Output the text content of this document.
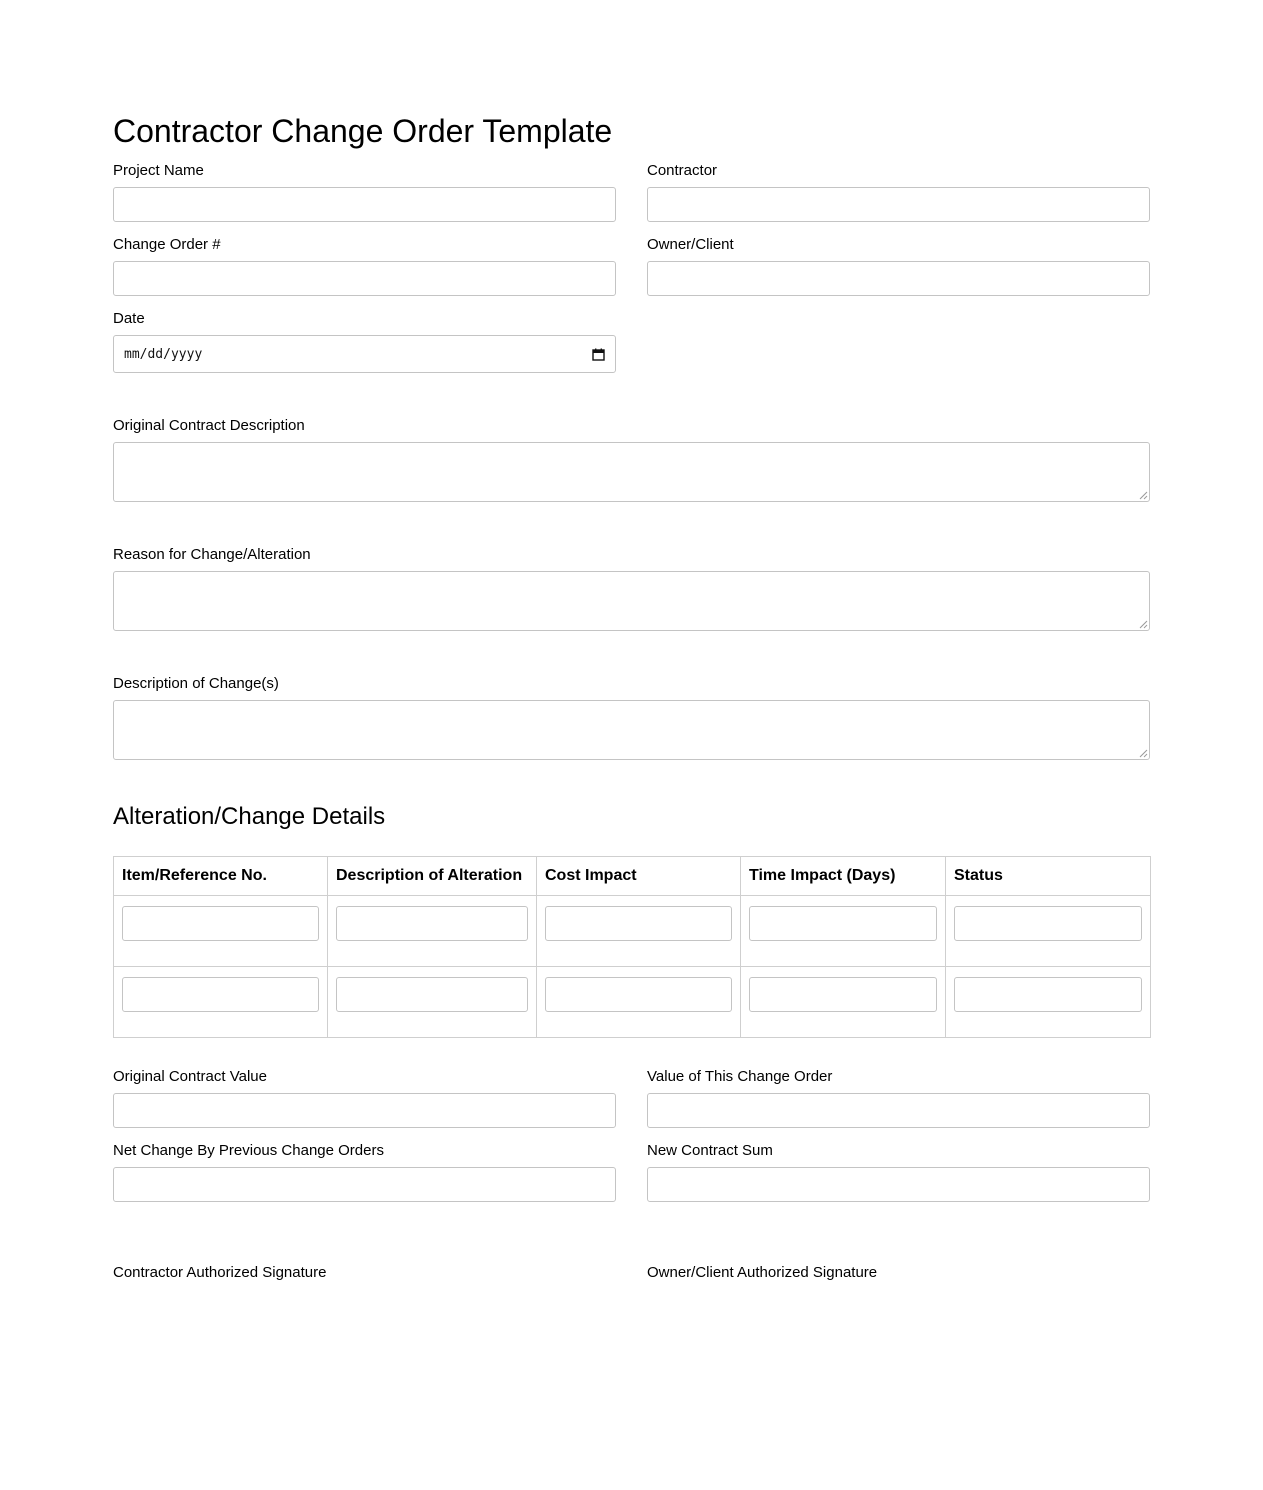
Contractor Change Order Template
Project Name	Contractor
Change Order #	Owner/Client
Date
mm/dd/yyyy
Original Contract Description
Reason for Change/Alteration
Description of Change(s)
Alteration/Change Details
Item/Reference No.	Description of Alteration	Cost Impact	Time Impact (Days)	Status

Original Contract Value	Value of This Change Order
Net Change By Previous Change Orders	New Contract Sum
Contractor Authorized Signature	Owner/Client Authorized Signature
